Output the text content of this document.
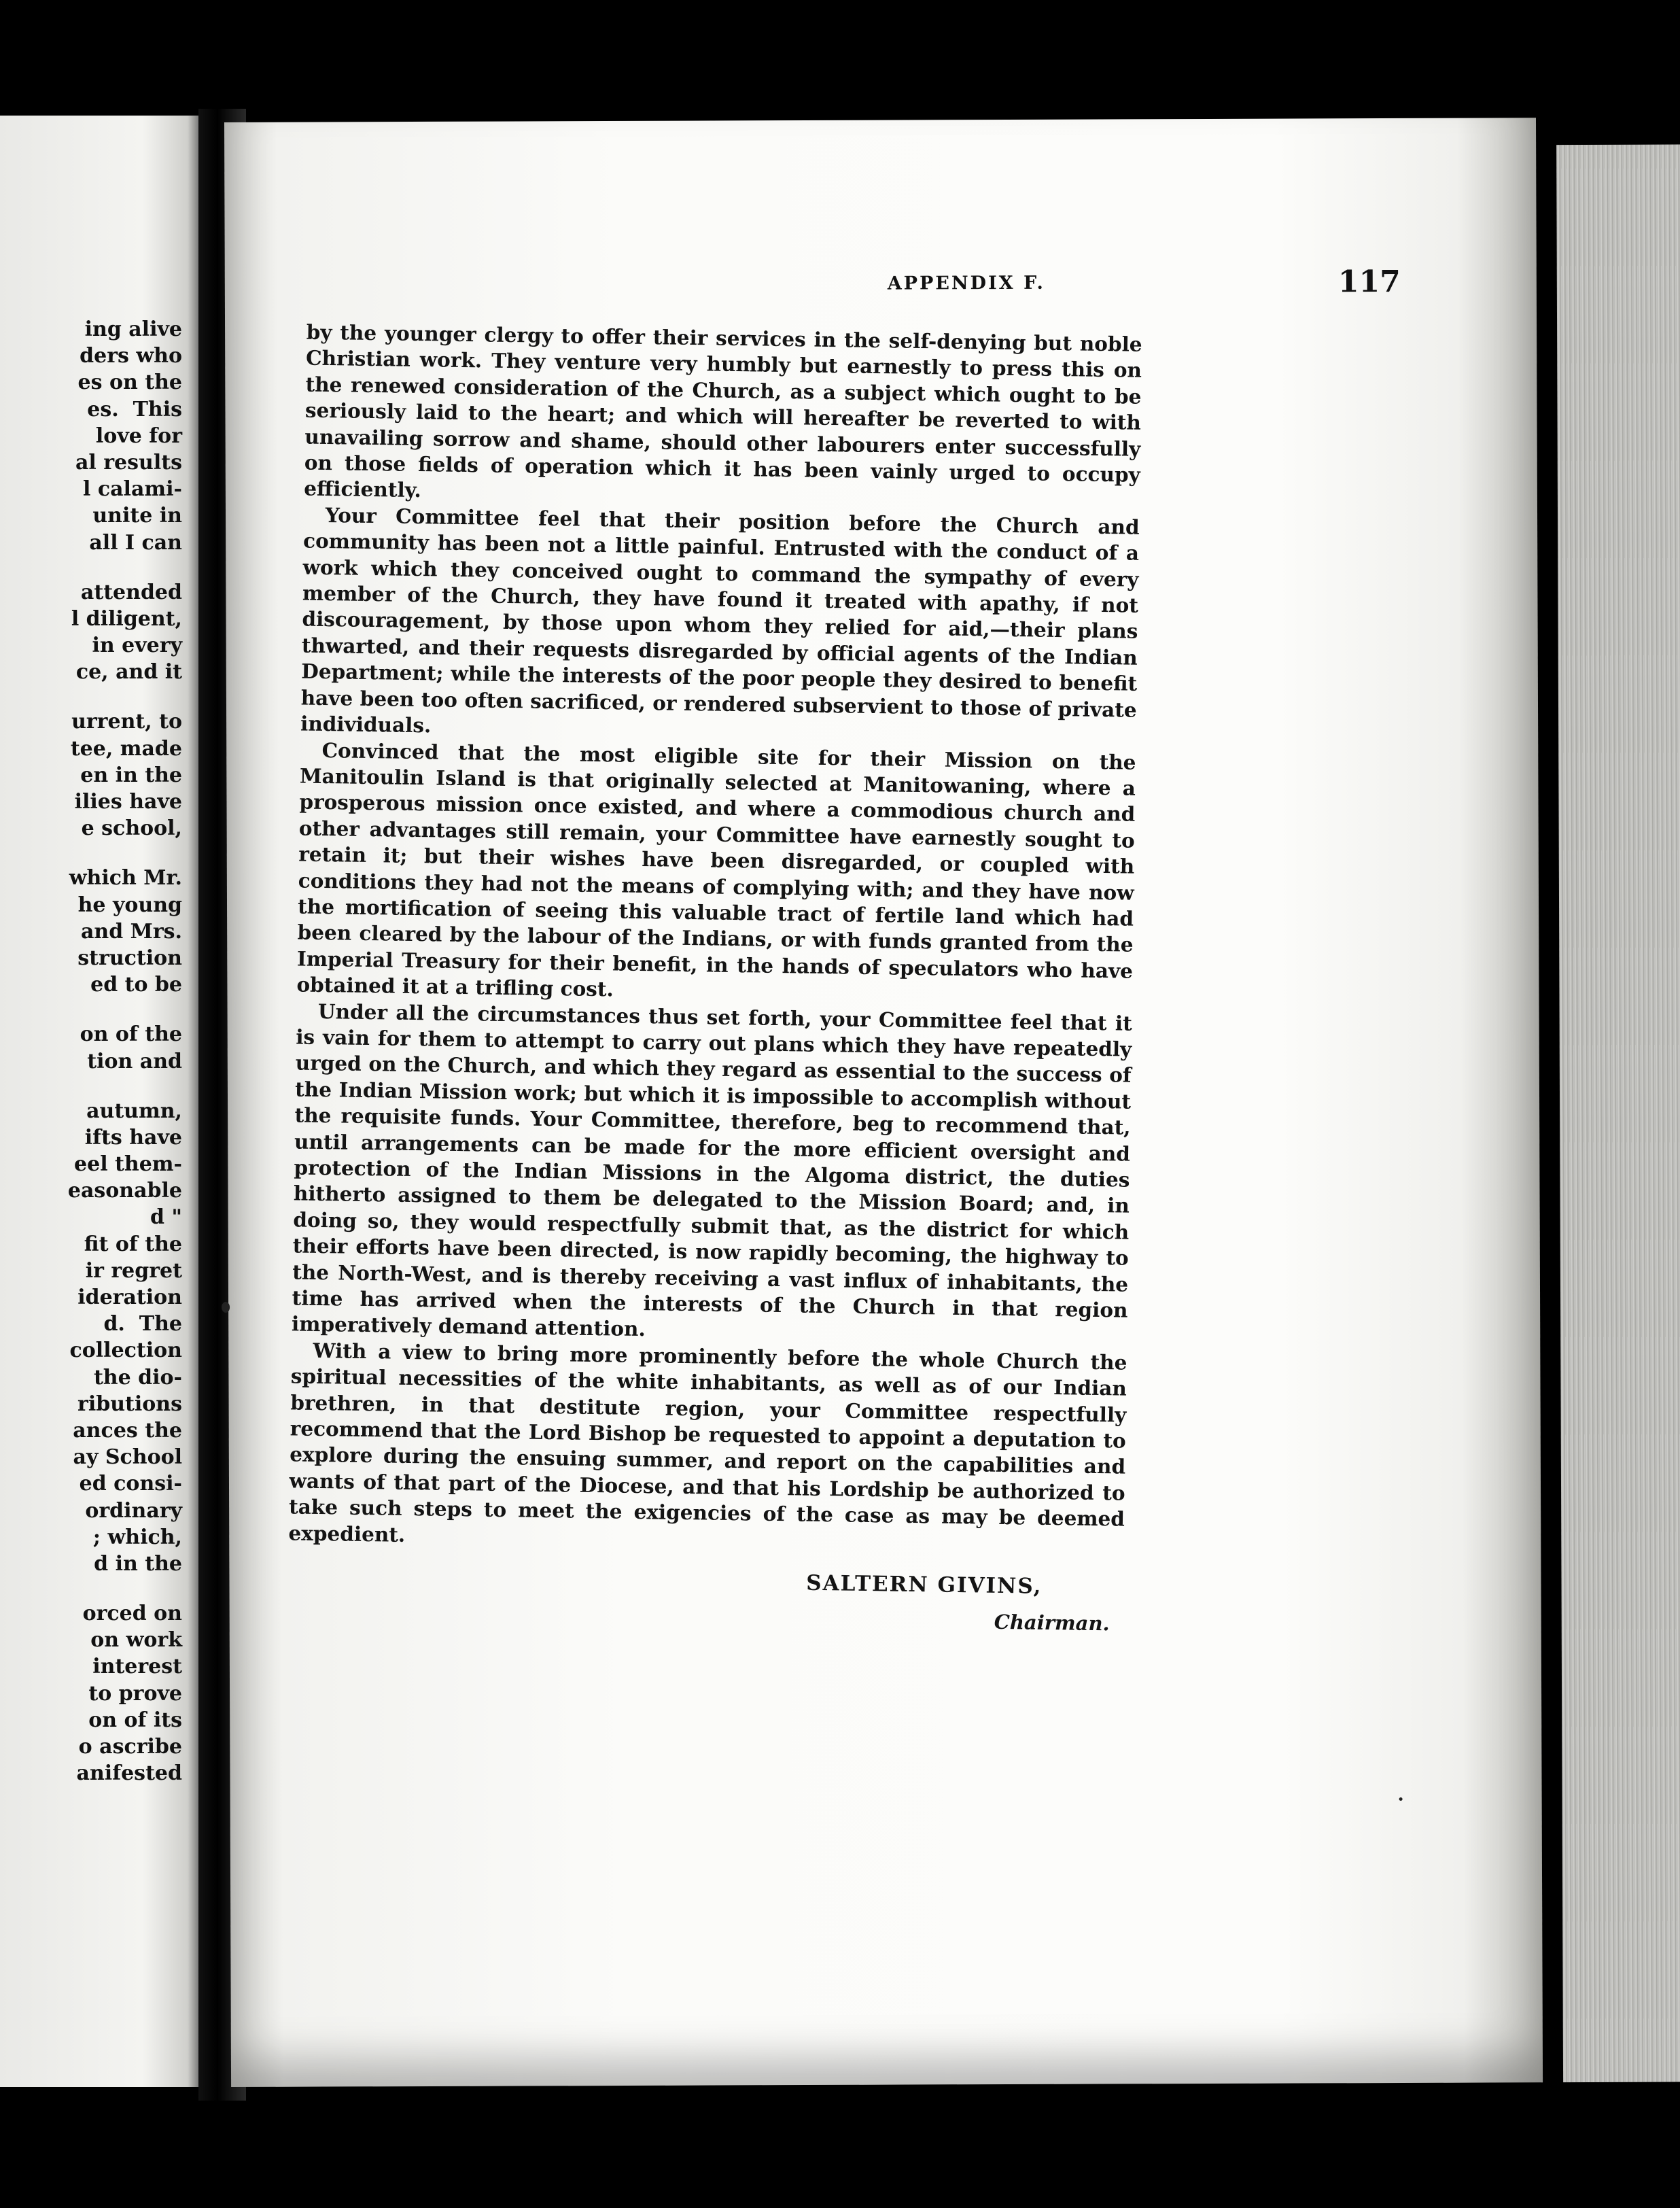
ing alive
ders who
es on the
es.  This
love for
al results
l calami-
unite in
all I can
attended
l diligent,
in every
ce, and it
urrent, to
tee, made
en in the
ilies have
e school,
which Mr.
he young
and Mrs.
struction
ed to be
on of the
tion and
autumn,
ifts have
eel them-
easonable
d "
fit of the
ir regret
ideration
d.  The
collection
the dio-
ributions
ances the
ay School
ed consi-
ordinary
; which,
d in the
orced on
on work
interest
to prove
on of its
o ascribe
anifested
APPENDIX F.	117

by the younger clergy to offer their services in the self-denying but noble Christian work. They venture very humbly but earnestly to press this on the renewed consideration of the Church, as a subject which ought to be seriously laid to the heart; and which will hereafter be reverted to with unavailing sorrow and shame, should other labourers enter successfully on those fields of operation which it has been vainly urged to occupy efficiently.

Your Committee feel that their position before the Church and community has been not a little painful. Entrusted with the conduct of a work which they conceived ought to command the sympathy of every member of the Church, they have found it treated with apathy, if not discouragement, by those upon whom they relied for aid,—their plans thwarted, and their requests disregarded by official agents of the Indian Department; while the interests of the poor people they desired to benefit have been too often sacrificed, or rendered subservient to those of private individuals.

Convinced that the most eligible site for their Mission on the Manitoulin Island is that originally selected at Manitowaning, where a prosperous mission once existed, and where a commodious church and other advantages still remain, your Committee have earnestly sought to retain it; but their wishes have been disregarded, or coupled with conditions they had not the means of complying with; and they have now the mortification of seeing this valuable tract of fertile land which had been cleared by the labour of the Indians, or with funds granted from the Imperial Treasury for their benefit, in the hands of speculators who have obtained it at a trifling cost.

Under all the circumstances thus set forth, your Committee feel that it is vain for them to attempt to carry out plans which they have repeatedly urged on the Church, and which they regard as essential to the success of the Indian Mission work; but which it is impossible to accomplish without the requisite funds. Your Committee, therefore, beg to recommend that, until arrangements can be made for the more efficient oversight and protection of the Indian Missions in the Algoma district, the duties hitherto assigned to them be delegated to the Mission Board; and, in doing so, they would respectfully submit that, as the district for which their efforts have been directed, is now rapidly becoming, the highway to the North-West, and is thereby receiving a vast influx of inhabitants, the time has arrived when the interests of the Church in that region imperatively demand attention.

With a view to bring more prominently before the whole Church the spiritual necessities of the white inhabitants, as well as of our Indian brethren, in that destitute region, your Committee respectfully recommend that the Lord Bishop be requested to appoint a deputation to explore during the ensuing summer, and report on the capabilities and wants of that part of the Diocese, and that his Lordship be authorized to take such steps to meet the exigencies of the case as may be deemed expedient.

SALTERN GIVINS,
Chairman.
